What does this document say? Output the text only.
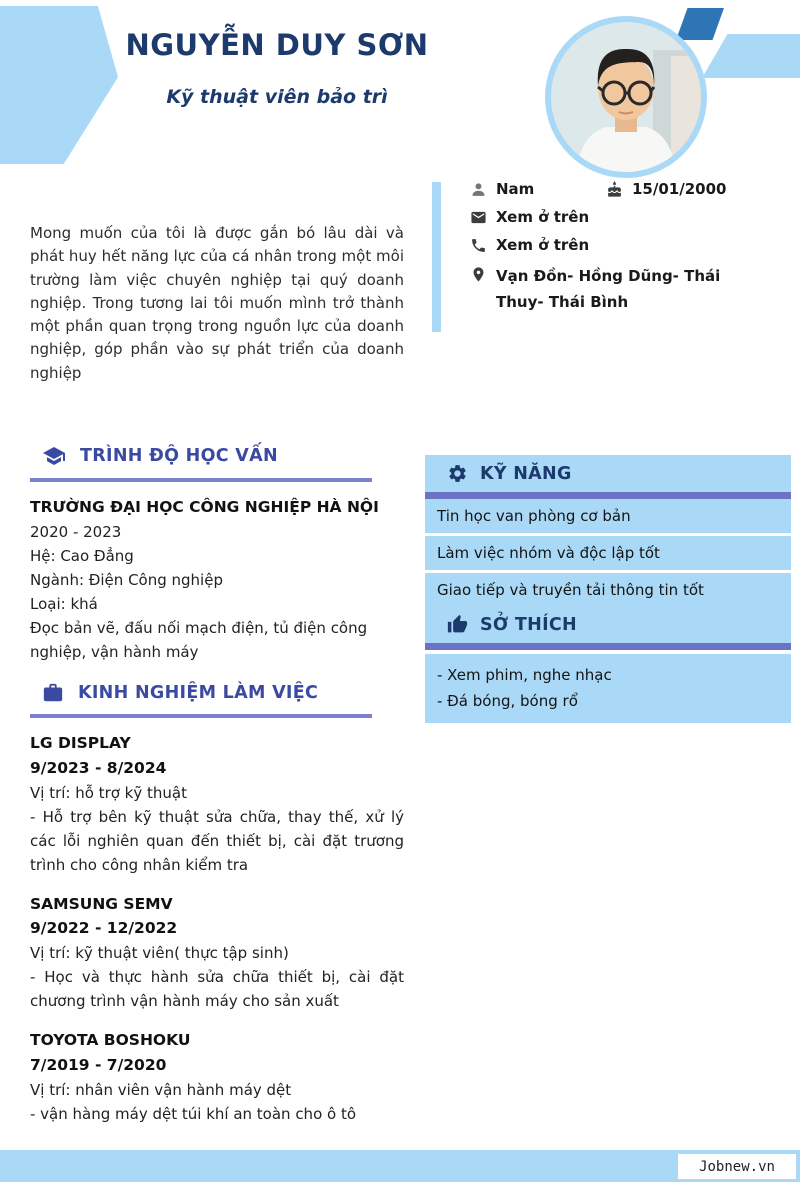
NGUYỄN DUY SƠN
Kỹ thuật viên bảo trì
Nam	15/01/2000
Xem ở trên
Xem ở trên
Vạn Đồn- Hồng Dũng- Thái Thuy- Thái Bình

Mong muốn của tôi là được gắn bó lâu dài và phát huy hết năng lực của cá nhân trong một môi trường làm việc chuyên nghiệp tại quý doanh nghiệp. Trong tương lai tôi muốn mình trở thành một phần quan trọng trong nguồn lực của doanh nghiệp, góp phần vào sự phát triển của doanh nghiệp

TRÌNH ĐỘ HỌC VẤN
TRƯỜNG ĐẠI HỌC CÔNG NGHIỆP HÀ NỘI
2020 - 2023
Hệ: Cao Đẳng
Ngành: Điện Công nghiệp
Loại: khá
Đọc bản vẽ, đấu nối mạch điện, tủ điện công nghiệp, vận hành máy
KINH NGHIỆM LÀM VIỆC
LG DISPLAY
9/2023 - 8/2024
Vị trí: hỗ trợ kỹ thuật
- Hỗ trợ bên kỹ thuật sửa chữa, thay thế, xử lý các lỗi nghiên quan đến thiết bị, cài đặt trương trình cho công nhân kiểm tra
SAMSUNG SEMV
9/2022 - 12/2022
Vị trí: kỹ thuật viên( thực tập sinh)
- Học và thực hành sửa chữa thiết bị, cài đặt chương trình vận hành máy cho sản xuất
TOYOTA BOSHOKU
7/2019 - 7/2020
Vị trí: nhân viên vận hành máy dệt
- vận hàng máy dệt túi khí an toàn cho ô tô
KỸ NĂNG
Tin học van phòng cơ bản
Làm việc nhóm và độc lập tốt
Giao tiếp và truyền tải thông tin tốt
SỞ THÍCH
- Xem phim, nghe nhạc
- Đá bóng, bóng rổ
Jobnew.vn
